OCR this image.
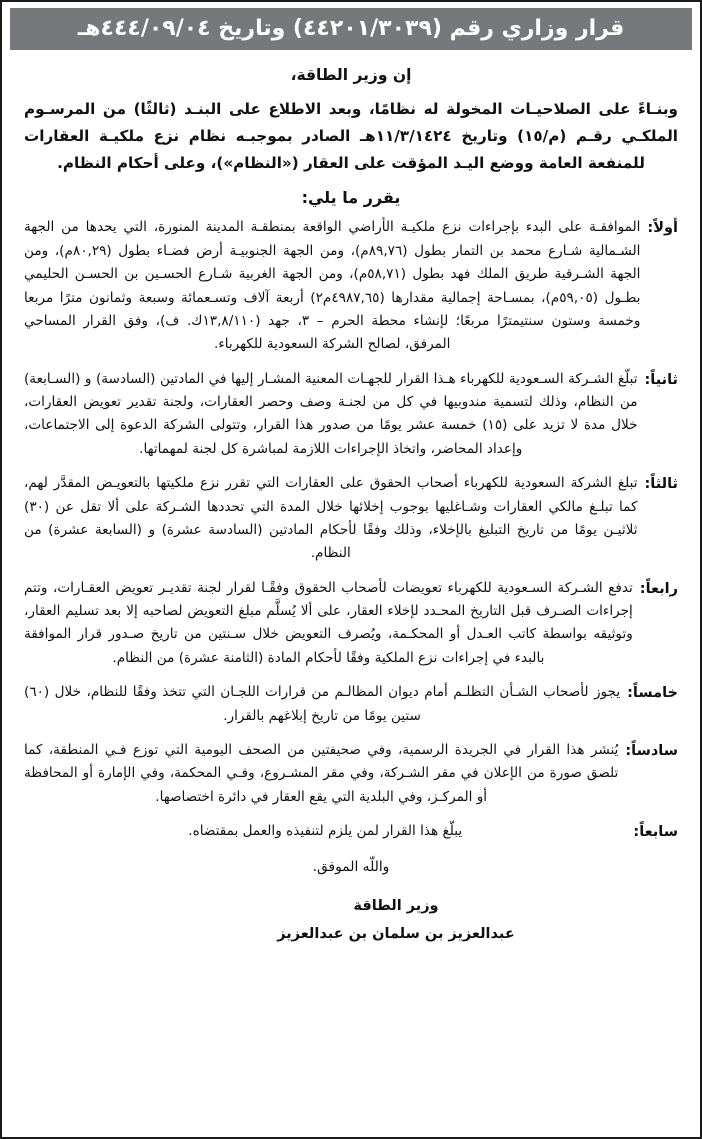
قرار وزاري رقم (٤٤٢٠١/٣٠٣٩) وتاريخ ٤٤٤/٠٩/٠٤هـ
إن وزير الطاقة،
وبنـاءً على الصلاحيـات المخولة له نظامًا، وبعد الاطلاع على البنـد (ثالثًا) من المرسـوم الملكـي رقـم (م/١٥) وتاريخ ١١/٣/١٤٢٤هـ الصادر بموجبـه نظام نزع ملكيـة العقارات للمنفعة العامة ووضع اليـد المؤقت على العقار («النظام»)، وعلى أحكام النظام.
يقرر ما يلي:
أولاً:
الموافقـة على البدء بإجراءات نزع ملكيـة الأراضي الواقعة بمنطقـة المدينة المنورة، التي يحدها من الجهة الشـمالية شـارع محمد بن التمار بطول (٨٩,٧٦م)، ومن الجهة الجنوبيـة أرض فضـاء بطول (٨٠,٢٩م)، ومن الجهة الشـرقية طريق الملك فهد بطول (٥٨,٧١م)، ومن الجهة الغربية شـارع الحسـين بن الحسـن الحليمي بطـول (٥٩,٠٥م)، بمسـاحة إجمالية مقدارها (٤٩٨٧,٦٥م٢) أربعة آلاف وتسـعمائة وسبعة وثمانون مترًا مربعا وخمسة وستون سنتيمترًا مربعًا؛ لإنشاء محطة الحرم – ٣، جهد (١٣,٨/١١٠ك. ف)، وفق القرار المساحي المرفق، لصالح الشركة السعودية للكهرباء.
ثانياً:
تبلّغ الشـركة السـعودية للكهرباء هـذا القرار للجهـات المعنية المشـار إليها في المادتين (السادسة) و (السـابعة) من النظام، وذلك لتسمية مندوبيها في كل من لجنـة وصف وحصر العقارات، ولجنة تقدير تعويض العقارات، خلال مدة لا تزيد على (١٥) خمسة عشر يومًا من صدور هذا القرار، وتتولى الشركة الدعوة إلى الاجتماعات، وإعداد المحاضر، واتخاذ الإجراءات اللازمة لمباشرة كل لجنة لمهماتها.
ثالثاً:
تبلغ الشركة السعودية للكهرباء أصحاب الحقوق على العقارات التي تقرر نزع ملكيتها بالتعويـض المقدَّر لهم، كما تبلـغ مالكي العقارات وشـاغليها بوجوب إخلائها خلال المدة التي تحددها الشـركة على ألا تقل عن (٣٠) ثلاثيـن يومًا من تاريخ التبليغ بالإخلاء، وذلك وفقًا لأحكام المادتين (السادسة عشرة) و (السابعة عشرة) من النظام.
رابعاً:
تدفع الشـركة السـعودية للكهرباء تعويضات لأصحاب الحقوق وفقًـا لقرار لجنة تقديـر تعويض العقـارات، وتتم إجراءات الصـرف قبل التاريخ المحـدد لإخلاء العقار، على ألا يُسلَّم مبلغ التعويض لصاحبه إلا بعد تسليم العقار، وتوثيقه بواسطة كاتب العـدل أو المحكـمة، ويُصرف التعويض خلال سـنتين من تاريخ صـدور قرار الموافقة بالبدء في إجراءات نزع الملكية وفقًا لأحكام المادة (الثامنة عشرة) من النظام.
خامساً:
يجوز لأصحاب الشـأن التظلـم أمام ديوان المظالـم من قرارات اللجـان التي تتخذ وفقًا للنظام، خلال (٦٠) ستين يومًا من تاريخ إبلاغهم بالقرار.
سادساً:
يُنشر هذا القرار في الجريدة الرسمية، وفي صحيفتين من الصحف اليومية التي توزع فـي المنطقة، كما تلصق صورة من الإعلان في مقر الشـركة، وفي مقر المشـروع، وفـي المحكمة، وفي الإمارة أو المحافظة أو المركـز، وفي البلدية التي يقع العقار في دائرة اختصاصها.
سابعاً:
يبلّغ هذا القرار لمن يلزم لتنفيذه والعمل بمقتضاه.
واللّه الموفق.
وزير الطاقة
عبدالعزيز بن سلمان بن عبدالعزيز
